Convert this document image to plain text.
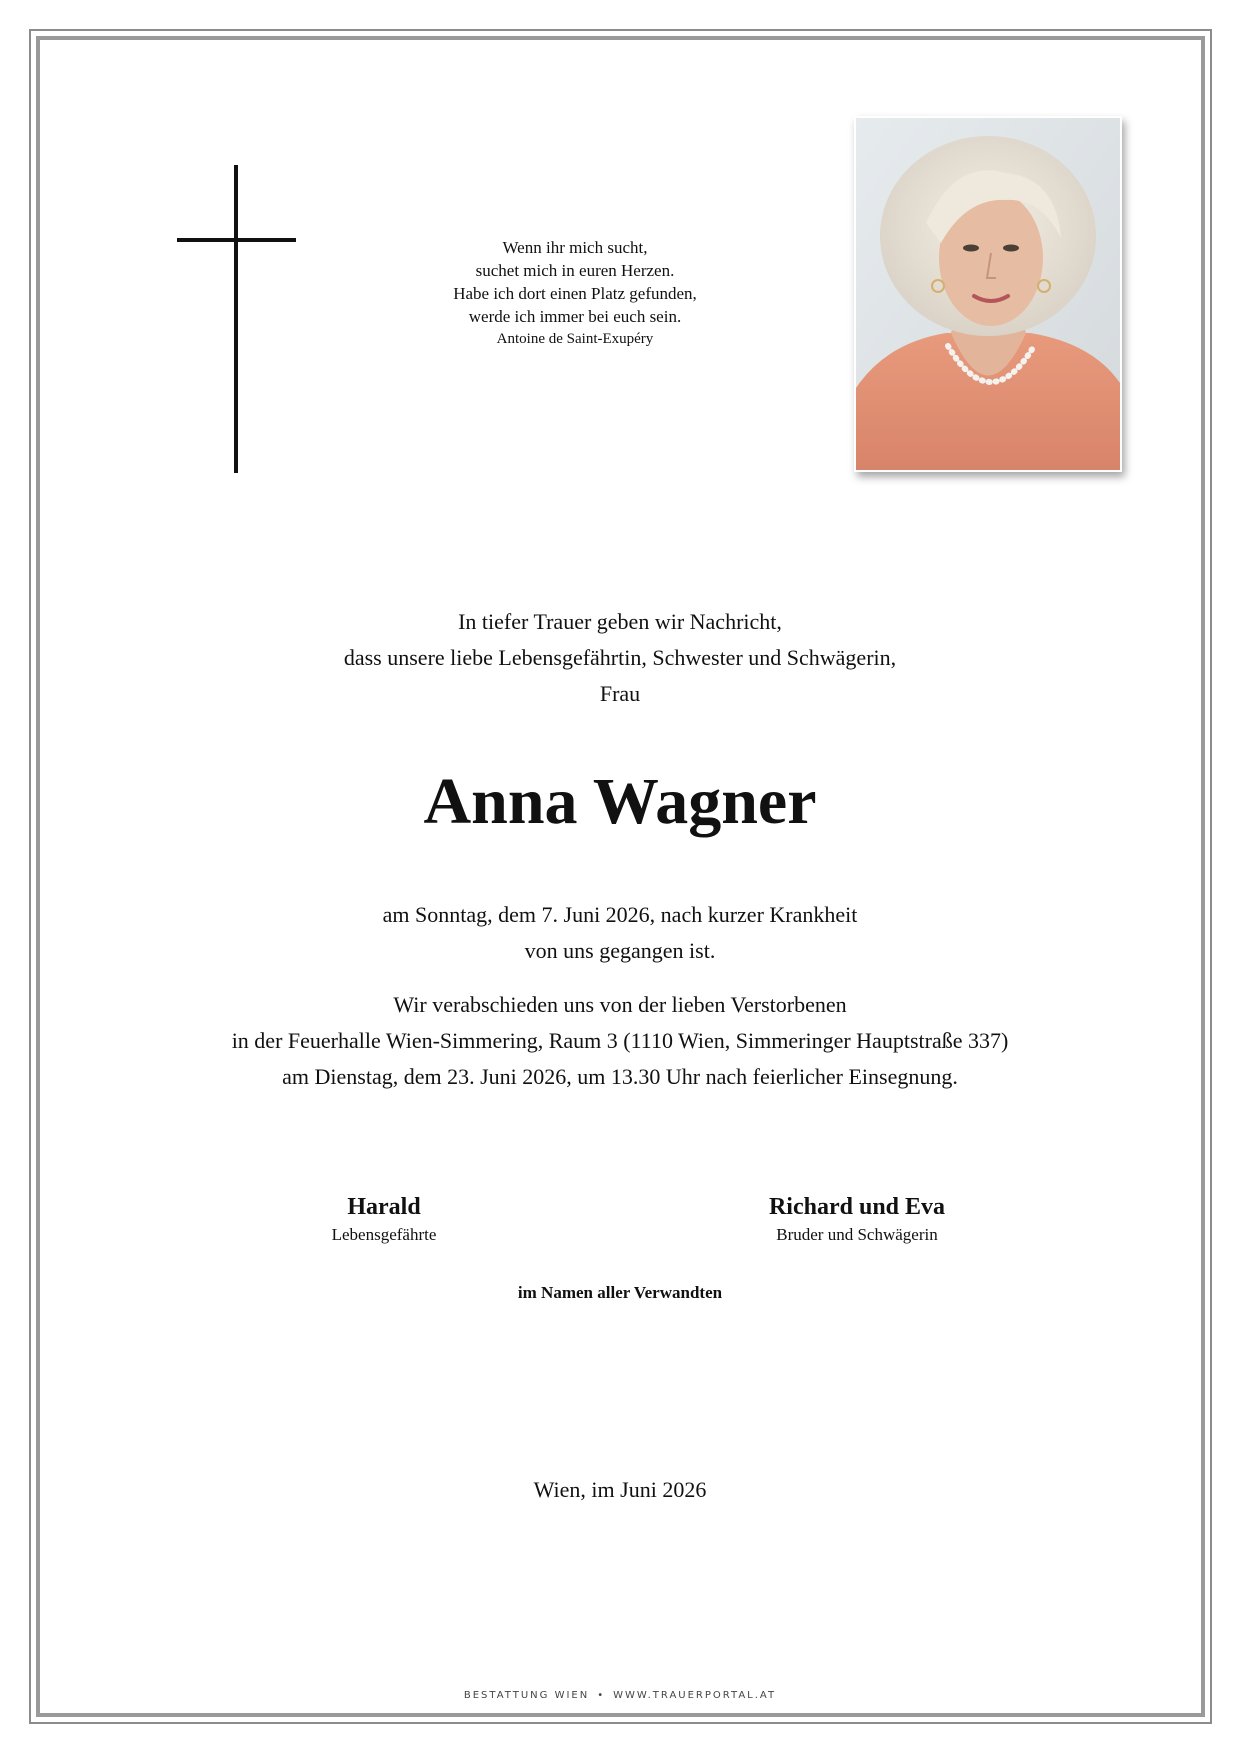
Wenn ihr mich sucht,
suchet mich in euren Herzen.
Habe ich dort einen Platz gefunden,
werde ich immer bei euch sein.
Antoine de Saint-Exupéry
In tiefer Trauer geben wir Nachricht,
dass unsere liebe Lebensgefährtin, Schwester und Schwägerin,
Frau
Anna Wagner
am Sonntag, dem 7. Juni 2026, nach kurzer Krankheit
von uns gegangen ist.
Wir verabschieden uns von der lieben Verstorbenen
in der Feuerhalle Wien-Simmering, Raum 3 (1110 Wien, Simmeringer Hauptstraße 337)
am Dienstag, dem 23. Juni 2026, um 13.30 Uhr nach feierlicher Einsegnung.
Harald
Lebensgefährte
Richard und Eva
Bruder und Schwägerin
im Namen aller Verwandten
Wien, im Juni 2026
BESTATTUNG WIEN • WWW.TRAUERPORTAL.AT
